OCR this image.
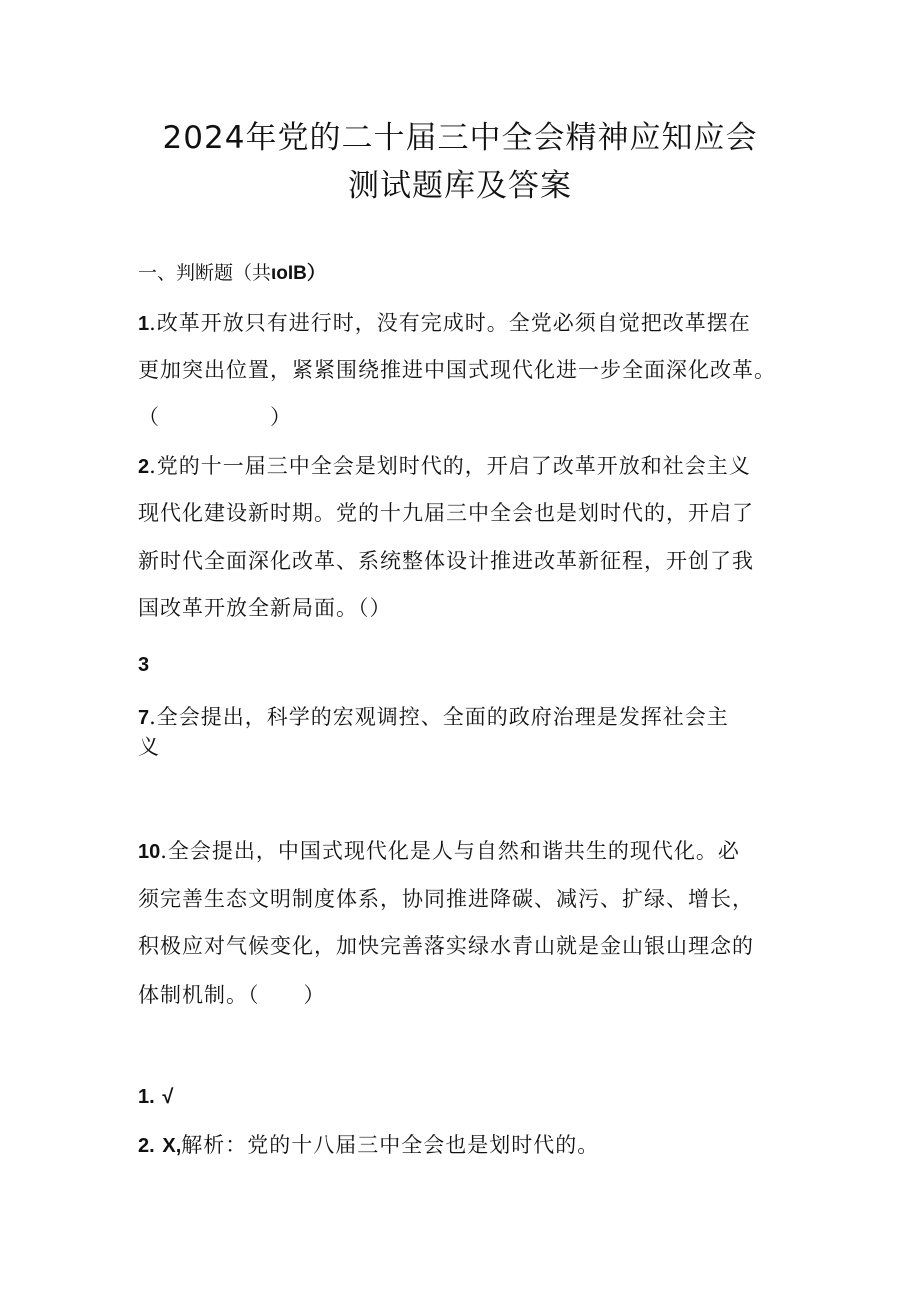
2024年党的二十届三中全会精神应知应会
测试题库及答案
一、判断题（共ιoIB）
1.改革开放只有进行时，没有完成时。全党必须自觉把改革摆在
更加突出位置，紧紧围绕推进中国式现代化进一步全面深化改革。
（　　　　　）
2.党的十一届三中全会是划时代的，开启了改革开放和社会主义
现代化建设新时期。党的十九届三中全会也是划时代的，开启了
新时代全面深化改革、系统整体设计推进改革新征程，开创了我
国改革开放全新局面。（）
3
7.全会提出，科学的宏观调控、全面的政府治理是发挥社会主
义
10.全会提出，中国式现代化是人与自然和谐共生的现代化。必
须完善生态文明制度体系，协同推进降碳、减污、扩绿、增长，
积极应对气候变化，加快完善落实绿水青山就是金山银山理念的
体制机制。（　　）
1. √
2. X,解析：党的十八届三中全会也是划时代的。
